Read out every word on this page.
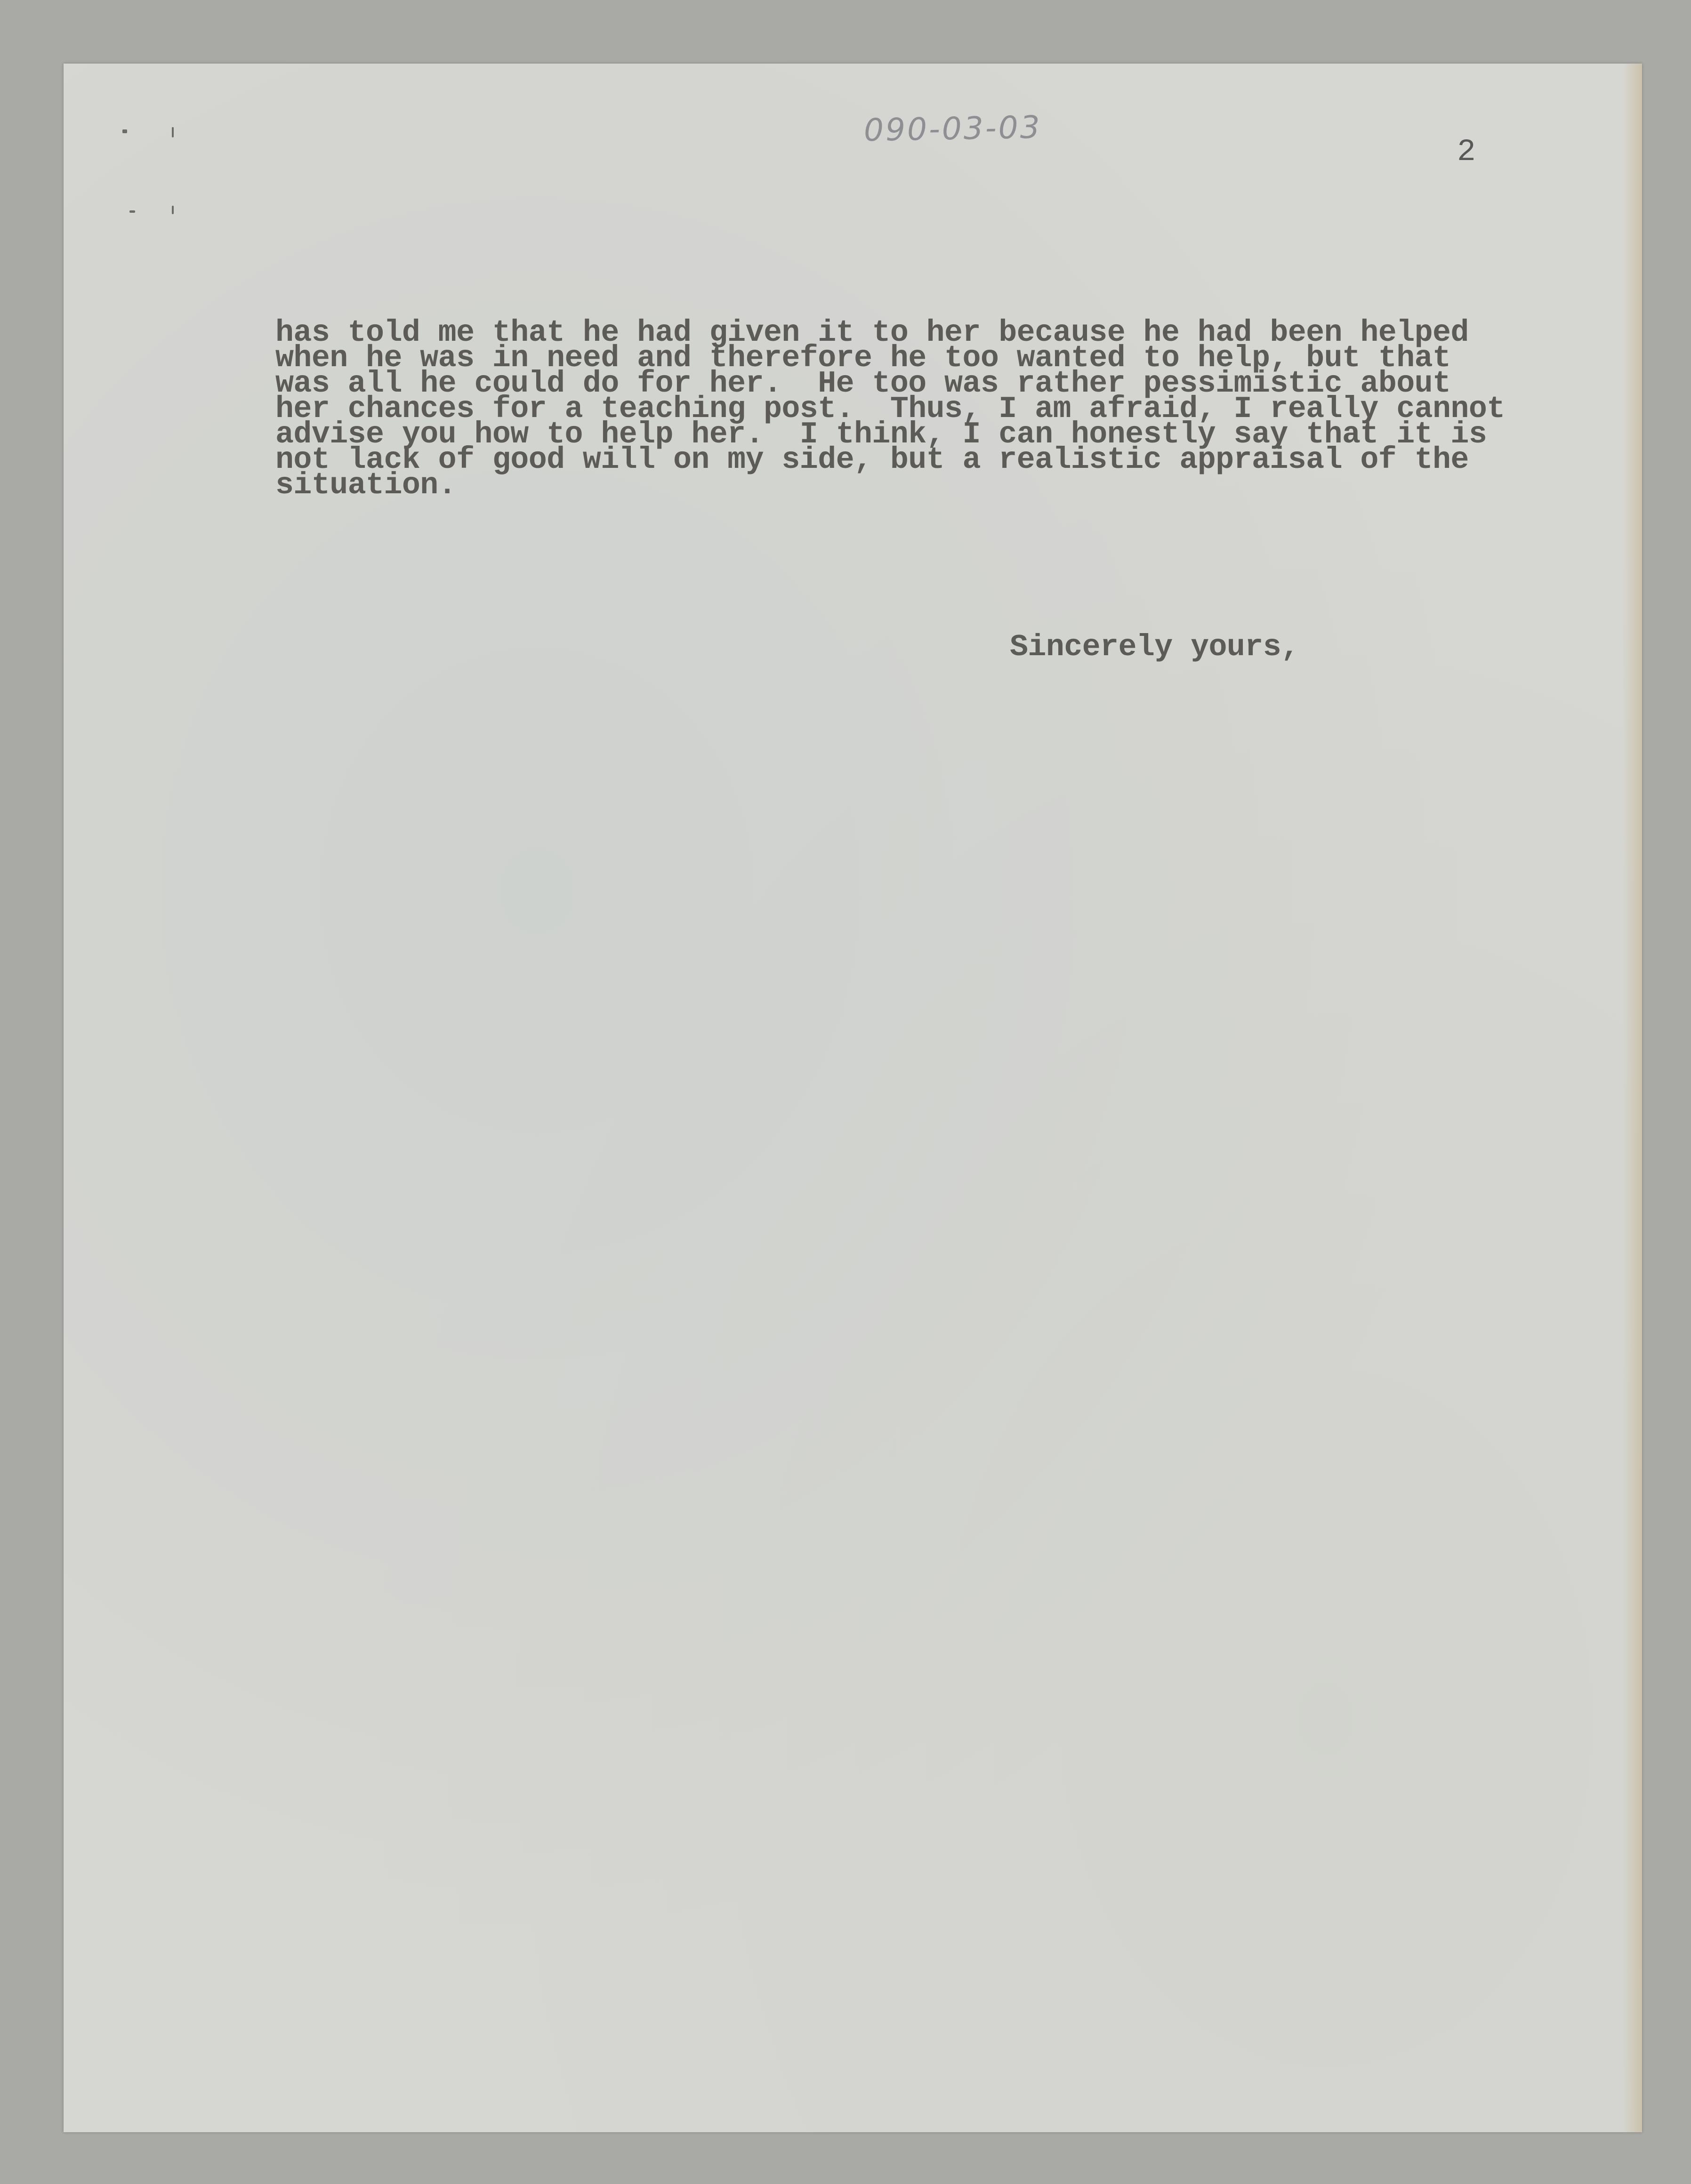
090-03-03
2
has told me that he had given it to her because he had been helped
when he was in need and therefore he too wanted to help, but that
was all he could do for her.  He too was rather pessimistic about
her chances for a teaching post.  Thus, I am afraid, I really cannot
advise you how to help her.  I think, I can honestly say that it is
not lack of good will on my side, but a realistic appraisal of the
situation.
Sincerely yours,
